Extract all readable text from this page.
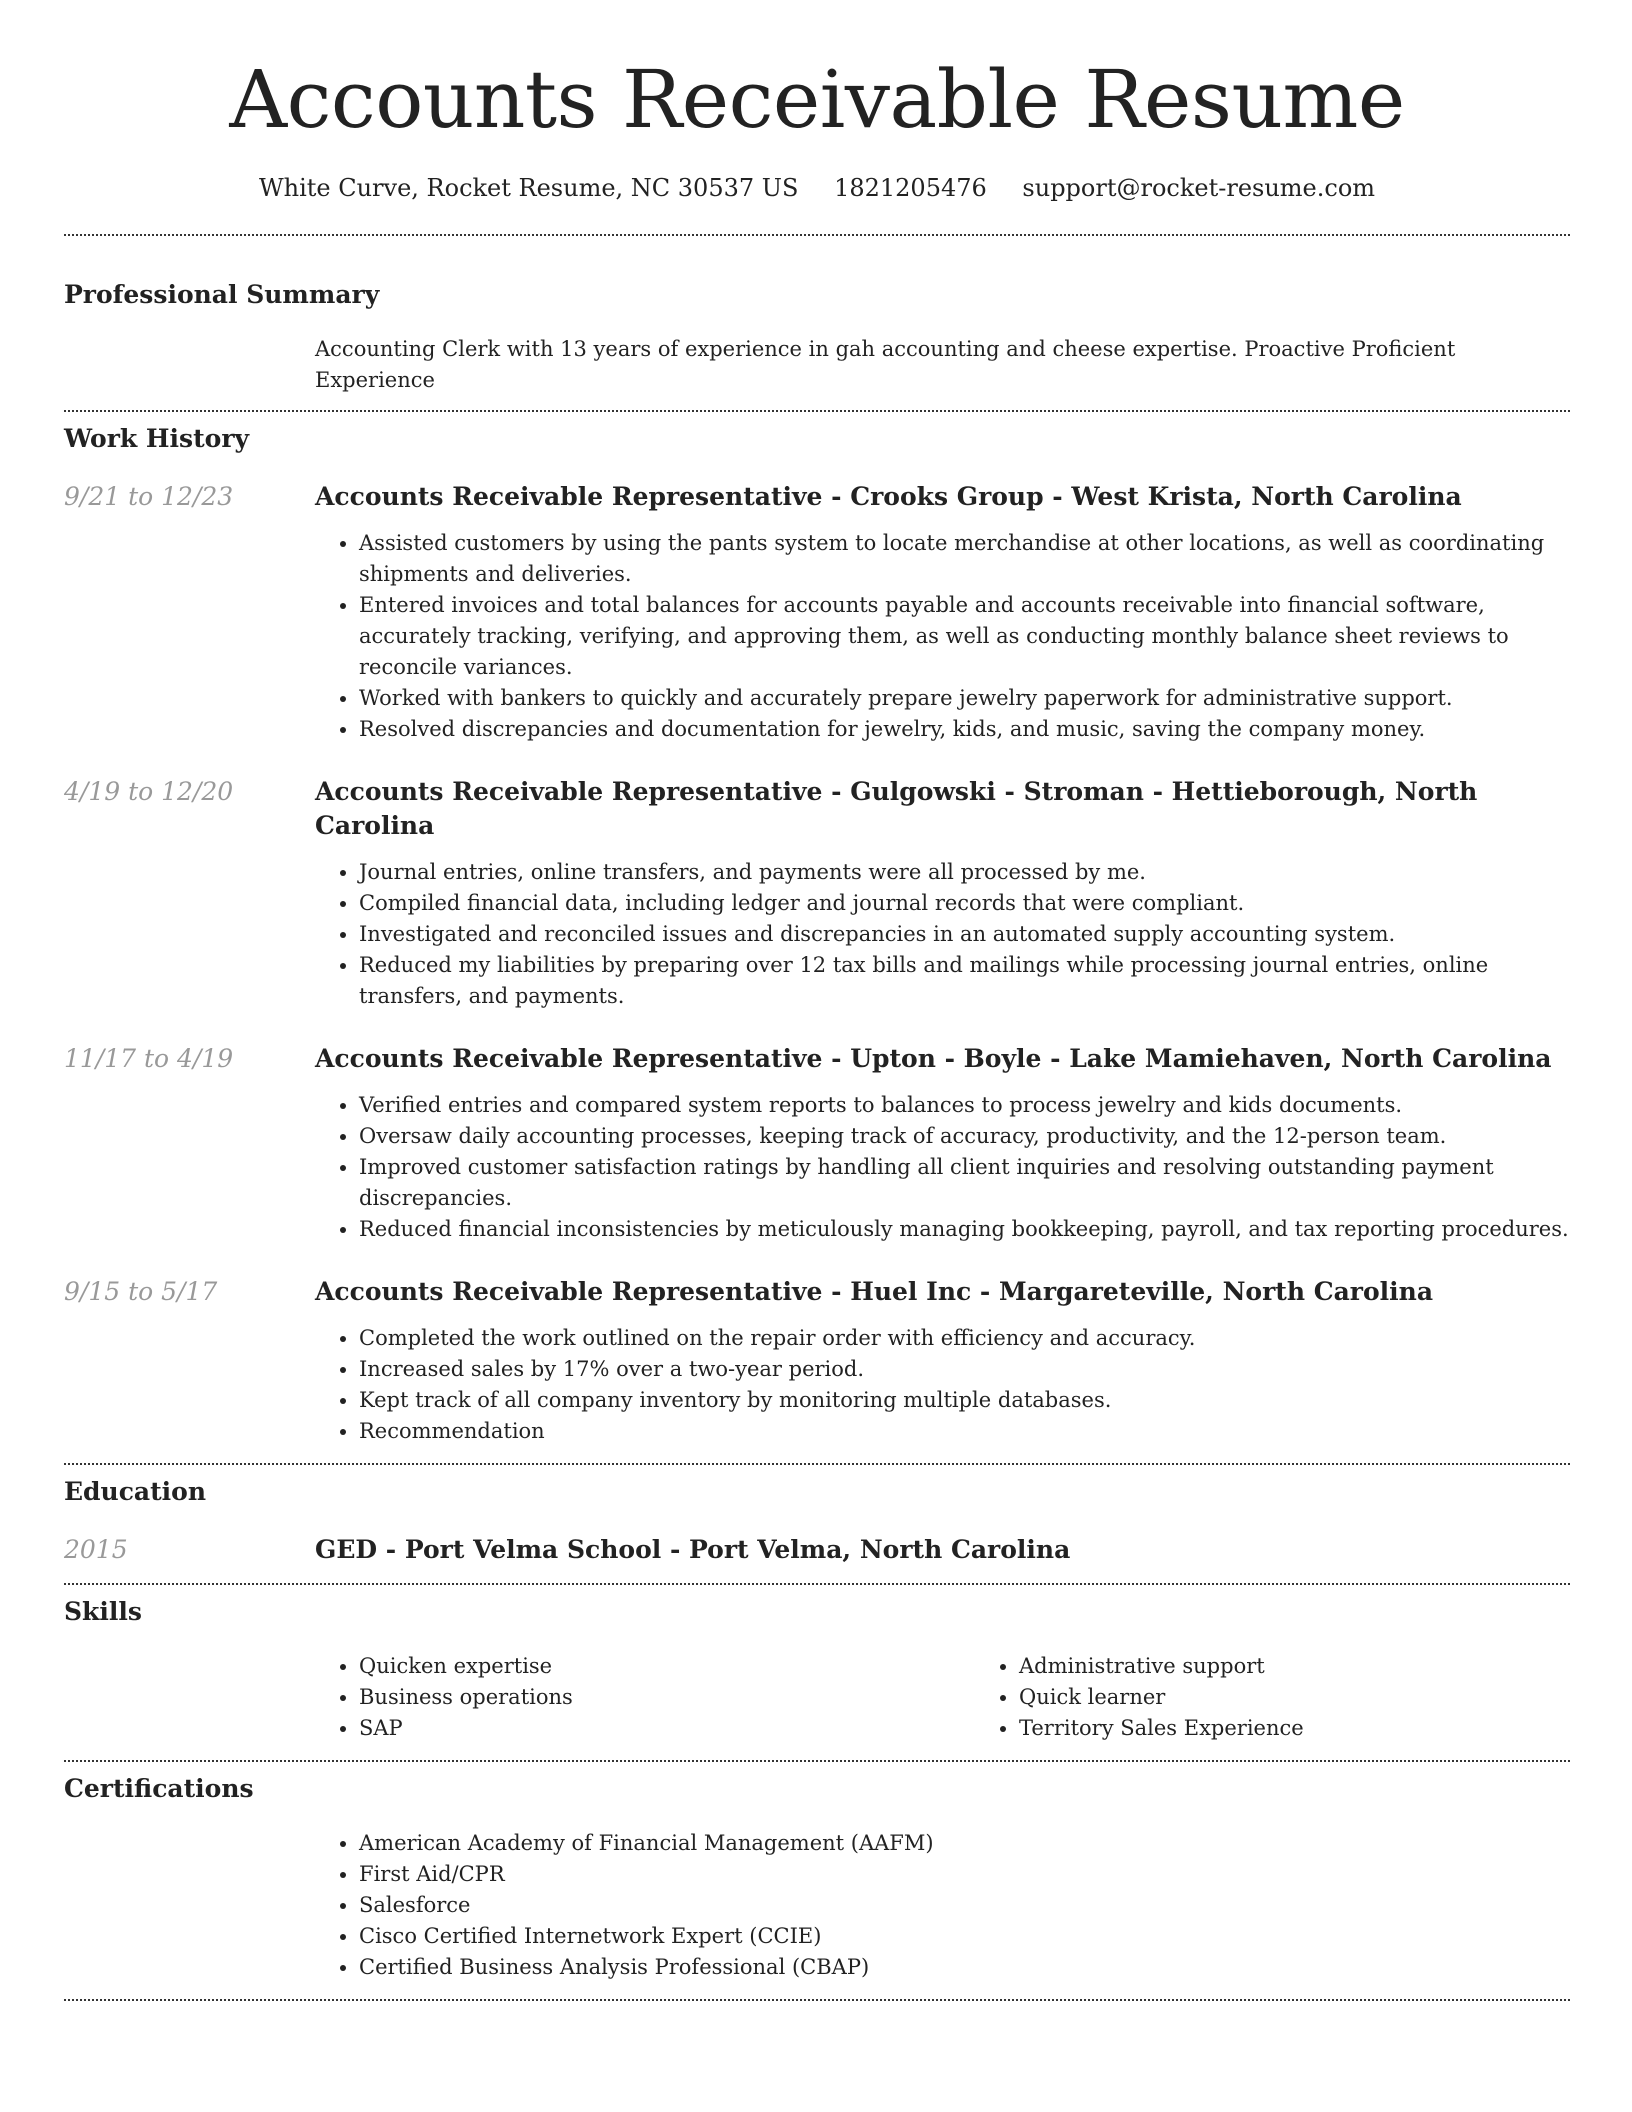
Accounts Receivable Resume
White Curve, Rocket Resume, NC 30537 US 1821205476 support@rocket-resume.com
Professional Summary
Accounting Clerk with 13 years of experience in gah accounting and cheese expertise. Proactive Proficient Experience
Work History
9/21 to 12/23	Accounts Receivable Representative - Crooks Group - West Krista, North Carolina
• Assisted customers by using the pants system to locate merchandise at other locations, as well as coordinating shipments and deliveries.
• Entered invoices and total balances for accounts payable and accounts receivable into financial software, accurately tracking, verifying, and approving them, as well as conducting monthly balance sheet reviews to reconcile variances.
• Worked with bankers to quickly and accurately prepare jewelry paperwork for administrative support.
• Resolved discrepancies and documentation for jewelry, kids, and music, saving the company money.
4/19 to 12/20	Accounts Receivable Representative - Gulgowski - Stroman - Hettieborough, North Carolina
• Journal entries, online transfers, and payments were all processed by me.
• Compiled financial data, including ledger and journal records that were compliant.
• Investigated and reconciled issues and discrepancies in an automated supply accounting system.
• Reduced my liabilities by preparing over 12 tax bills and mailings while processing journal entries, online transfers, and payments.
11/17 to 4/19	Accounts Receivable Representative - Upton - Boyle - Lake Mamiehaven, North Carolina
• Verified entries and compared system reports to balances to process jewelry and kids documents.
• Oversaw daily accounting processes, keeping track of accuracy, productivity, and the 12-person team.
• Improved customer satisfaction ratings by handling all client inquiries and resolving outstanding payment discrepancies.
• Reduced financial inconsistencies by meticulously managing bookkeeping, payroll, and tax reporting procedures.
9/15 to 5/17	Accounts Receivable Representative - Huel Inc - Margareteville, North Carolina
• Completed the work outlined on the repair order with efficiency and accuracy.
• Increased sales by 17% over a two-year period.
• Kept track of all company inventory by monitoring multiple databases.
• Recommendation
Education
2015	GED - Port Velma School - Port Velma, North Carolina
Skills
• Quicken expertise
• Business operations
• SAP
• Administrative support
• Quick learner
• Territory Sales Experience
Certifications
• American Academy of Financial Management (AAFM)
• First Aid/CPR
• Salesforce
• Cisco Certified Internetwork Expert (CCIE)
• Certified Business Analysis Professional (CBAP)
